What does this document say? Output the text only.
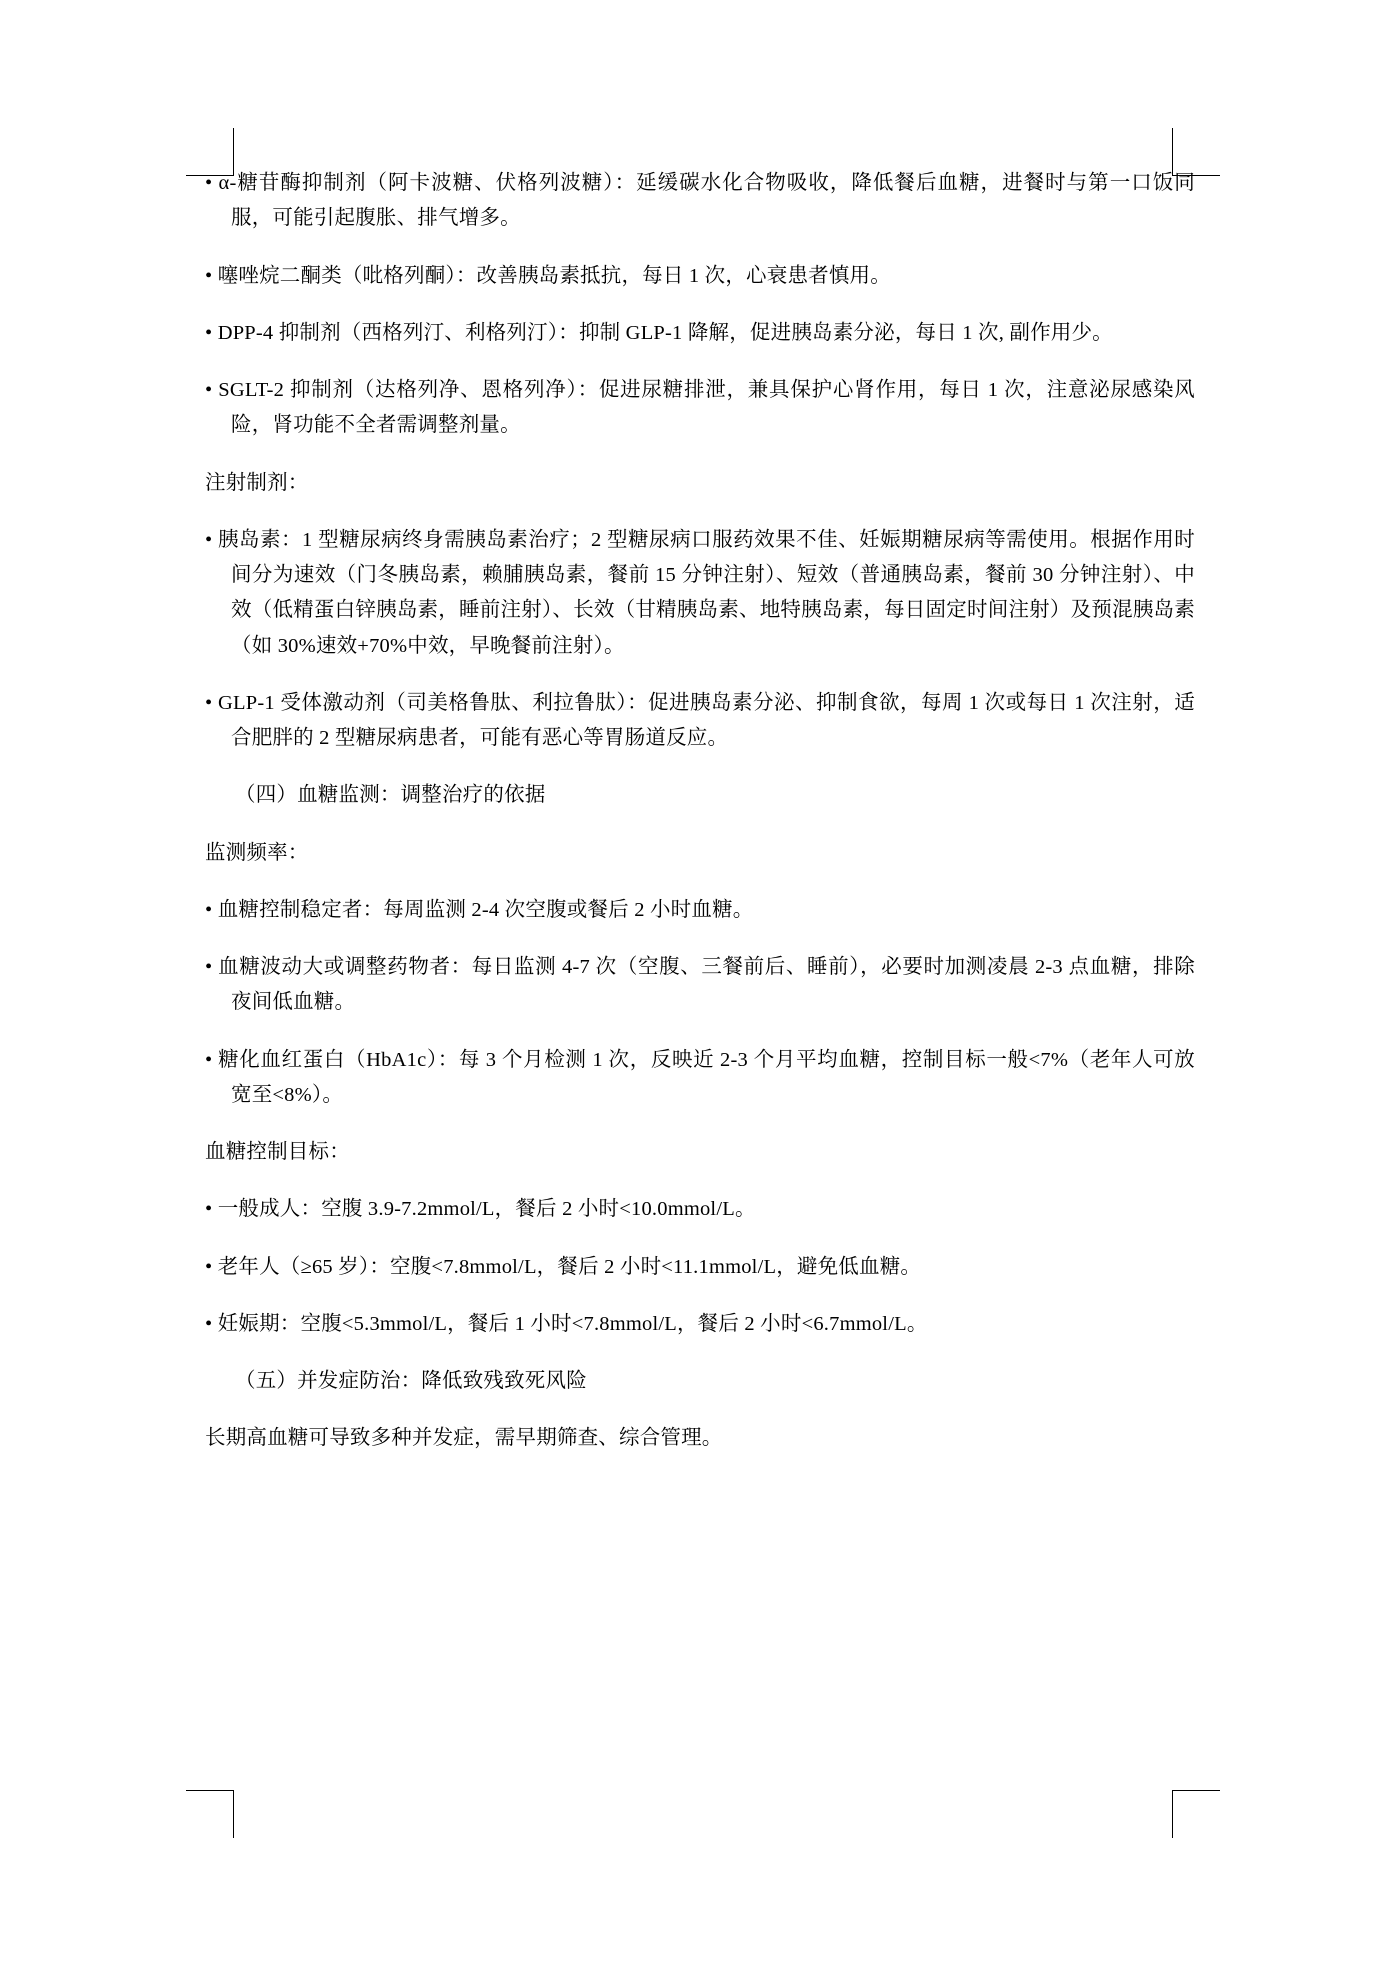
• α-糖苷酶抑制剂（阿卡波糖、伏格列波糖）：延缓碳水化合物吸收，降低餐后血糖，进餐时与第一口饭同服，可能引起腹胀、排气增多。

• 噻唑烷二酮类（吡格列酮）：改善胰岛素抵抗，每日 1 次，心衰患者慎用。

• DPP-4 抑制剂（西格列汀、利格列汀）：抑制 GLP-1 降解，促进胰岛素分泌，每日 1 次, 副作用少。

• SGLT-2 抑制剂（达格列净、恩格列净）：促进尿糖排泄，兼具保护心肾作用，每日 1 次，注意泌尿感染风险，肾功能不全者需调整剂量。

注射制剂：

• 胰岛素：1 型糖尿病终身需胰岛素治疗；2 型糖尿病口服药效果不佳、妊娠期糖尿病等需使用。根据作用时间分为速效（门冬胰岛素，赖脯胰岛素，餐前 15 分钟注射）、短效（普通胰岛素，餐前 30 分钟注射）、中效（低精蛋白锌胰岛素，睡前注射）、长效（甘精胰岛素、地特胰岛素，每日固定时间注射）及预混胰岛素（如 30%速效+70%中效，早晚餐前注射）。

• GLP-1 受体激动剂（司美格鲁肽、利拉鲁肽）：促进胰岛素分泌、抑制食欲，每周 1 次或每日 1 次注射，适合肥胖的 2 型糖尿病患者，可能有恶心等胃肠道反应。

（四）血糖监测：调整治疗的依据

监测频率：

• 血糖控制稳定者：每周监测 2-4 次空腹或餐后 2 小时血糖。

• 血糖波动大或调整药物者：每日监测 4-7 次（空腹、三餐前后、睡前），必要时加测凌晨 2-3 点血糖，排除夜间低血糖。

• 糖化血红蛋白（HbA1c）：每 3 个月检测 1 次，反映近 2-3 个月平均血糖，控制目标一般<7%（老年人可放宽至<8%）。

血糖控制目标：

• 一般成人：空腹 3.9-7.2mmol/L，餐后 2 小时<10.0mmol/L。

• 老年人（≥65 岁）：空腹<7.8mmol/L，餐后 2 小时<11.1mmol/L，避免低血糖。

• 妊娠期：空腹<5.3mmol/L，餐后 1 小时<7.8mmol/L，餐后 2 小时<6.7mmol/L。

（五）并发症防治：降低致残致死风险

长期高血糖可导致多种并发症，需早期筛查、综合管理。
